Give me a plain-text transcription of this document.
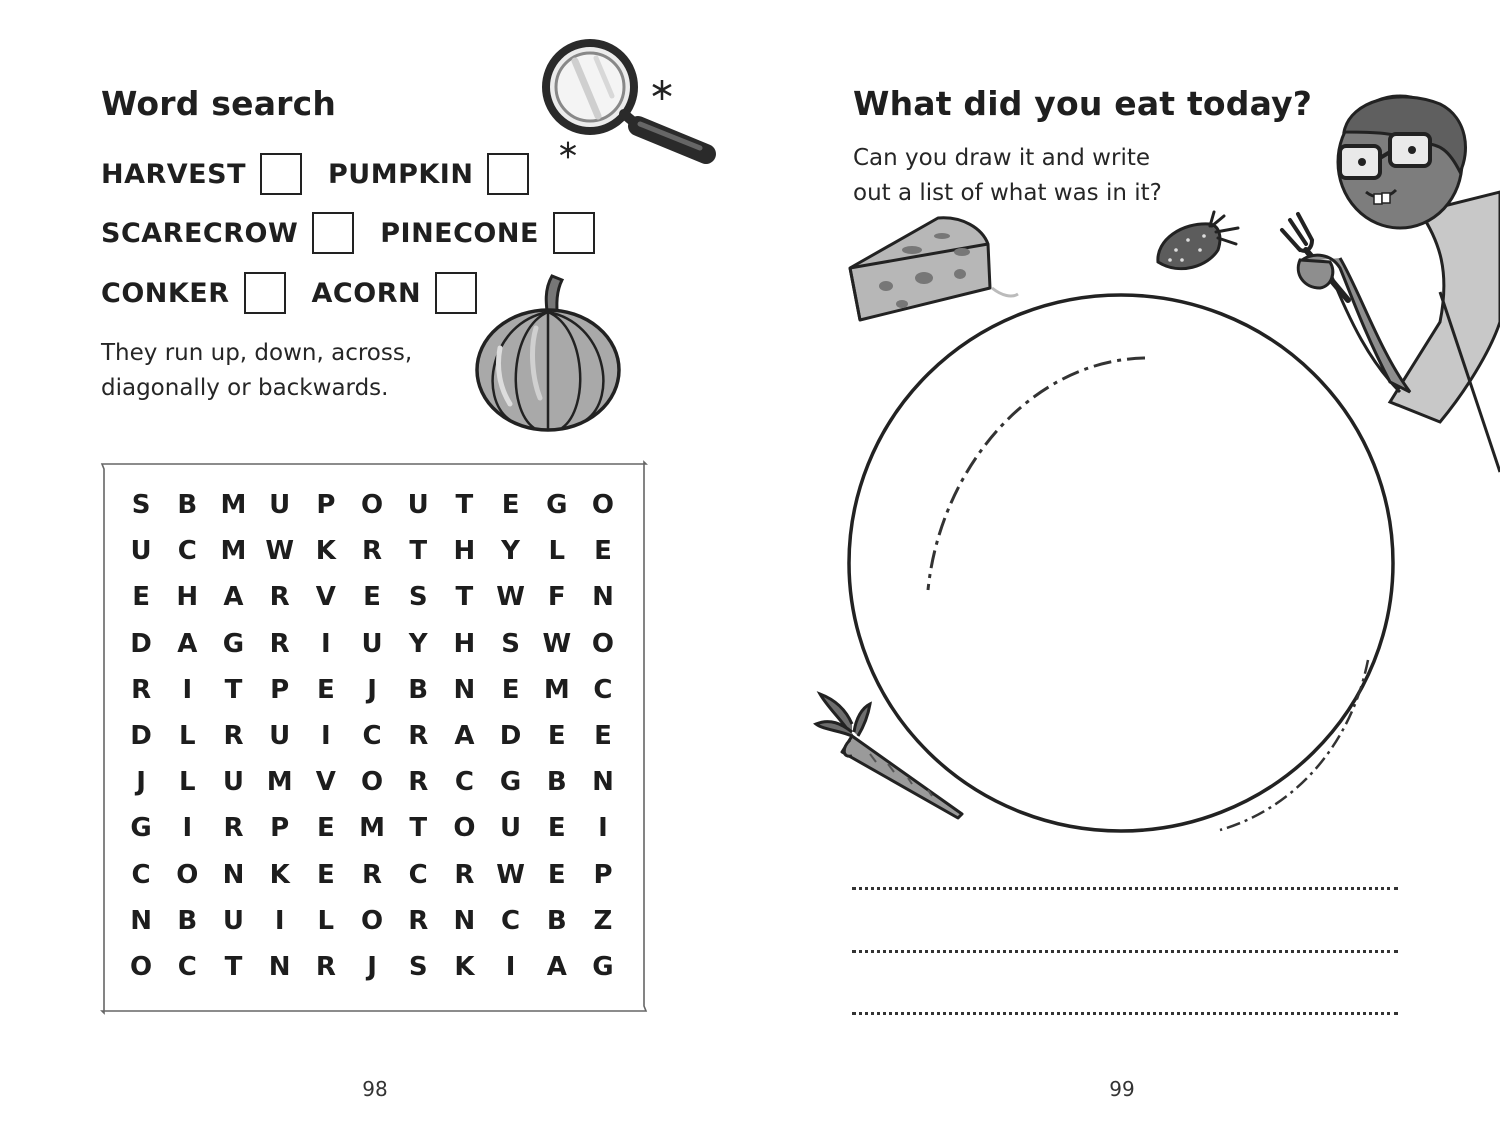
Word search
HARVEST	PUMPKIN
SCARECROW	PINECONE
CONKER	ACORN

They run up, down, across,
diagonally or backwards.

S	B M U	P O U	T	E	G O
U	C M W K	R	T	H Y	L	E
E	H A	R	V	E	S	T W F	N
D A G R	I	U	Y H S W O
R	I	T	P	E	J	B N	E M C
D	L	R U	I	C	R	A D	E	E
J	L	U M V O R	C G B N
G	I	R	P	E M T	O U	E	I
C O N K	E	R	C	R W E	P
N B U	I	L	O R N C	B	Z
O C	T	N R	J	S	K	I	A G
98
What did you eat today?

Can you draw it and write
out a list of what was in it?

99
